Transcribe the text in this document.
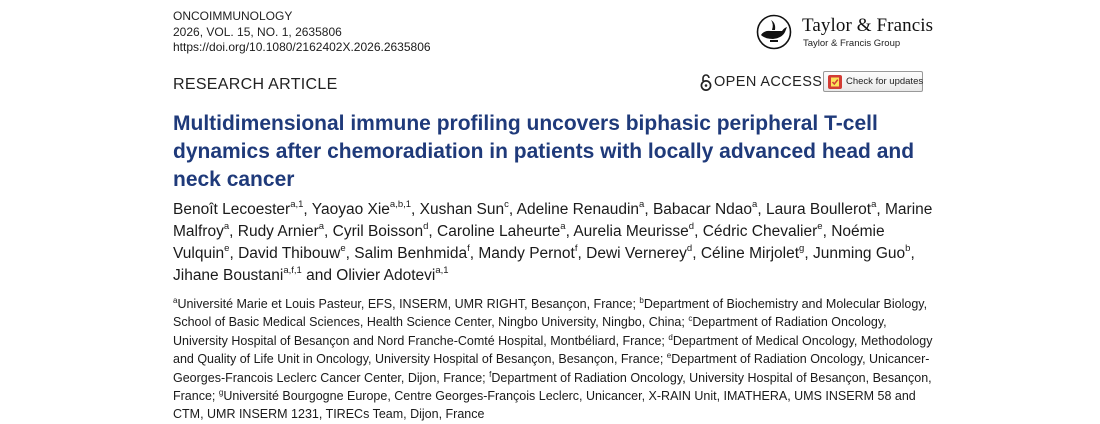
ONCOIMMUNOLOGY
2026, VOL. 15, NO. 1, 2635806
https://doi.org/10.1080/2162402X.2026.2635806
Taylor & Francis
Taylor & Francis Group
RESEARCH ARTICLE	OPEN ACCESS Check for updates
Multidimensional immune profiling uncovers biphasic peripheral T-cell dynamics after chemoradiation in patients with locally advanced head and neck cancer
Benoît Lecoester$^{a,1}$, Yaoyao Xie$^{a,b,1}$, Xushan Sun$^c$, Adeline Renaudin$^a$, Babacar Ndao$^a$, Laura Boullerot$^a$, Marine Malfroy$^a$, Rudy Arnier$^a$, Cyril Boisson$^d$, Caroline Laheurte$^a$, Aurelia Meurisse$^d$, Cédric Chevalier$^e$, Noémie Vulquin$^e$, David Thibouw$^e$, Salim Benhmida$^f$, Mandy Pernot$^f$, Dewi Vernerey$^d$, Céline Mirjolet$^g$, Junming Guo$^b$, Jihane Boustani$^{a,f,1}$ and Olivier Adotevi$^{a,1}$
$^a$Université Marie et Louis Pasteur, EFS, INSERM, UMR RIGHT, Besançon, France; $^b$Department of Biochemistry and Molecular Biology, School of Basic Medical Sciences, Health Science Center, Ningbo University, Ningbo, China; $^c$Department of Radiation Oncology, University Hospital of Besançon and Nord Franche-Comté Hospital, Montbéliard, France; $^d$Department of Medical Oncology, Methodology and Quality of Life Unit in Oncology, University Hospital of Besançon, Besançon, France; $^e$Department of Radiation Oncology, Unicancer-Georges-Francois Leclerc Cancer Center, Dijon, France; $^f$Department of Radiation Oncology, University Hospital of Besançon, Besançon, France; $^g$Université Bourgogne Europe, Centre Georges-François Leclerc, Unicancer, X-RAIN Unit, IMATHERA, UMS INSERM 58 and CTM, UMR INSERM 1231, TIRECs Team, Dijon, France
